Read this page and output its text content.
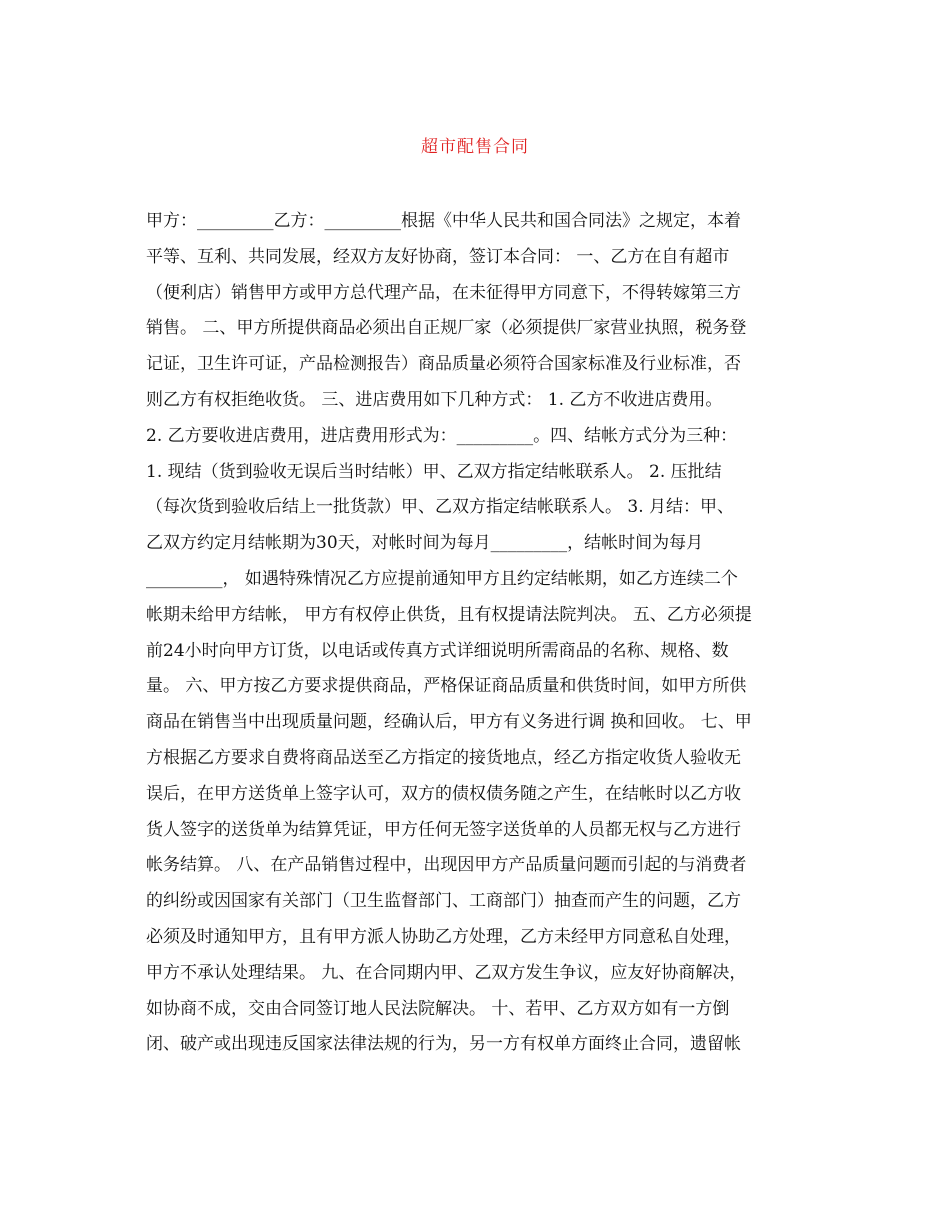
超市配售合同
甲方：_________乙方：_________根据《中华人民共和国合同法》之规定，本着
平等、互利、共同发展，经双方友好协商，签订本合同： 一、乙方在自有超市
（便利店）销售甲方或甲方总代理产品，在未征得甲方同意下，不得转嫁第三方
销售。 二、甲方所提供商品必须出自正规厂家（必须提供厂家营业执照，税务登
记证，卫生许可证，产品检测报告）商品质量必须符合国家标准及行业标准，否
则乙方有权拒绝收货。 三、进店费用如下几种方式： 1. 乙方不收进店费用。
2. 乙方要收进店费用，进店费用形式为：_________。四、结帐方式分为三种：
1. 现结（货到验收无误后当时结帐）甲、乙双方指定结帐联系人。 2. 压批结
（每次货到验收后结上一批货款）甲、乙双方指定结帐联系人。 3. 月结：甲、
乙双方约定月结帐期为30天，对帐时间为每月_________，结帐时间为每月
_________， 如遇特殊情况乙方应提前通知甲方且约定结帐期，如乙方连续二个
帐期未给甲方结帐， 甲方有权停止供货，且有权提请法院判决。 五、乙方必须提
前24小时向甲方订货，以电话或传真方式详细说明所需商品的名称、规格、数
量。 六、甲方按乙方要求提供商品，严格保证商品质量和供货时间，如甲方所供
商品在销售当中出现质量问题，经确认后，甲方有义务进行调 换和回收。 七、甲
方根据乙方要求自费将商品送至乙方指定的接货地点，经乙方指定收货人验收无
误后，在甲方送货单上签字认可，双方的债权债务随之产生，在结帐时以乙方收
货人签字的送货单为结算凭证，甲方任何无签字送货单的人员都无权与乙方进行
帐务结算。 八、在产品销售过程中，出现因甲方产品质量问题而引起的与消费者
的纠纷或因国家有关部门（卫生监督部门、工商部门）抽查而产生的问题，乙方
必须及时通知甲方，且有甲方派人协助乙方处理，乙方未经甲方同意私自处理，
甲方不承认处理结果。 九、在合同期内甲、乙双方发生争议，应友好协商解决，
如协商不成，交由合同签订地人民法院解决。 十、若甲、乙方双方如有一方倒
闭、破产或出现违反国家法律法规的行为，另一方有权单方面终止合同，遗留帐
